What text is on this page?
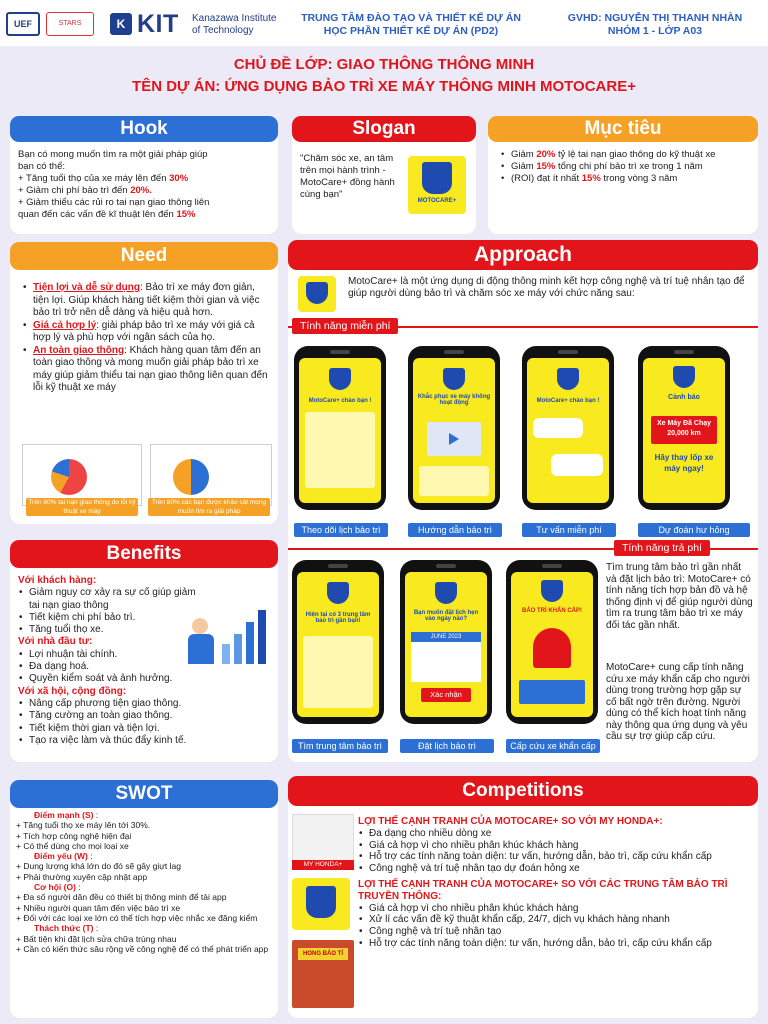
UEF	STARS	K KIT Kanazawa Institute
of Technology
TRUNG TÂM ĐÀO TẠO VÀ THIẾT KẾ DỰ ÁN
HỌC PHẦN THIẾT KẾ DỰ ÁN (PD2)
GVHD: NGUYỄN THỊ THANH NHÀN
NHÓM 1 - LỚP A03
CHỦ ĐỀ LỚP: GIAO THÔNG THÔNG MINH
TÊN DỰ ÁN: ỨNG DỤNG BẢO TRÌ XE MÁY THÔNG MINH MOTOCARE+
Hook
Bạn có mong muốn tìm ra một giải pháp giúp
bạn có thể:
+ Tăng tuổi thọ của xe máy lên đến 30%
+ Giảm chi phí bảo trì đến 20%.
+ Giảm thiểu các rủi ro tai nạn giao thông liên
quan đến các vấn đề kĩ thuật lên đến 15%
Slogan
"Chăm sóc xe, an tâm trên mọi hành trình - MotoCare+ đồng hành cùng bạn"
MOTOCARE+
Mục tiêu
• Giảm 20% tỷ lệ tai nạn giao thông do kỹ thuật xe
• Giảm 15% tổng chi phí bảo trì xe trong 1 năm
• (ROI) đạt ít nhất 15% trong vòng 3 năm
Need
• Tiện lợi và dễ sử dụng: Bảo trì xe máy đơn giản, tiện lợi. Giúp khách hàng tiết kiệm thời gian và việc bảo trì trở nên dễ dàng và hiệu quả hơn.
• Giá cả hợp lý: giải pháp bảo trì xe máy với giá cả hợp lý và phù hợp với ngân sách của họ.
• An toàn giao thông: Khách hàng quan tâm đến an toàn giao thông và mong muốn giải pháp bảo trì xe máy giúp giảm thiểu tai nạn giao thông liên quan đến lỗi kỹ thuật xe máy
Trên 80% tai nạn giao thông do lỗi kỹ thuật xe máy
Trên 80% các bạn được khảo sát mong muốn tìm ra giải pháp
Approach
MotoCare+ là một ứng dụng di động thông minh kết hợp công nghệ và trí tuệ nhân tạo để giúp người dùng bảo trì và chăm sóc xe máy với chức năng sau:
Tính năng miễn phí
MotoCare+ chào bạn !
Theo dõi lịch bảo trì
Khắc phục xe máy không hoạt động
Hướng dẫn bảo trì
MotoCare+ chào bạn !
Tư vấn miễn phí
Cảnh báo
Xe Máy Đã Chạy 20,000 km
Hãy thay lốp xe máy ngay!
Dự đoán hư hỏng
Tính năng trả phí
Hiện tại có 3 trung tâm bảo trì gần bạn!
Tìm trung tâm bảo trì
Bạn muốn đặt lịch hẹn vào ngày nào?
JUNE 2023
Xác nhận
Đặt lịch bảo trì
BẢO TRÌ KHẨN CẤP!
Cấp cứu xe khẩn cấp
Tìm trung tâm bảo trì gần nhất và đặt lịch bảo trì: MotoCare+ có tính năng tích hợp bản đồ và hệ thống định vị để giúp người dùng tìm ra trung tâm bảo trì xe máy đối tác gần nhất.
MotoCare+ cung cấp tính năng cứu xe máy khẩn cấp cho người dùng trong trường hợp gặp sự cố bất ngờ trên đường. Người dùng có thể kích hoạt tính năng này thông qua ứng dụng và yêu cầu sự trợ giúp cấp cứu.
Benefits
Với khách hàng:
• Giảm nguy cơ xảy ra sự cố giúp giảm tai nạn giao thông
• Tiết kiệm chi phí bảo trì.
• Tăng tuổi thọ xe.
Với nhà đầu tư:
• Lợi nhuận tài chính.
• Đa dạng hoá.
• Quyền kiểm soát và ảnh hưởng.
Với xã hội, cộng đồng:
• Nâng cấp phương tiện giao thông.
• Tăng cường an toàn giao thông.
• Tiết kiệm thời gian và tiện lợi.
• Tạo ra việc làm và thúc đẩy kinh tế.
SWOT
Điểm mạnh (S) :
+ Tăng tuổi thọ xe máy lên tới 30%.
+ Tích hợp công nghệ hiện đại
+ Có thể dùng cho mọi loại xe
Điểm yếu (W) :
+ Dung lượng khá lớn do đó sẽ gây giựt lag
+ Phải thường xuyên cập nhật app
Cơ hội (O) :
+ Đa số người dân đều có thiết bị thông minh để tải app
+ Nhiều người quan tâm đến việc bảo trì xe
+ Đối với các loại xe lớn có thể tích hợp việc nhắc xe đăng kiểm
Thách thức (T) :
+ Bất tiện khi đặt lịch sửa chữa trùng nhau
+ Cần có kiến thức sâu rộng về công nghệ để có thể phát triển app
Competitions
MY HONDA+
HONG BẢO TÍ
LỢI THẾ CẠNH TRANH CỦA MOTOCARE+ SO VỚI MY HONDA+:
• Đa dạng cho nhiều dòng xe
• Giá cả hợp vì cho nhiều phân khúc khách hàng
• Hỗ trợ các tính năng toàn diện: tư vấn, hướng dẫn, bảo trì, cấp cứu khẩn cấp
• Công nghệ và trí tuệ nhân tạo dự đoán hỏng xe
LỢI THẾ CẠNH TRANH CỦA MOTOCARE+ SO VỚI CÁC TRUNG TÂM BẢO TRÌ TRUYỀN THỐNG:
• Giá cả hợp vì cho nhiều phân khúc khách hàng
• Xử lí các vấn đề kỹ thuật khẩn cấp, 24/7, dịch vụ khách hàng nhanh
• Công nghệ và trí tuệ nhân tạo
• Hỗ trợ các tính năng toàn diện: tư vấn, hướng dẫn, bảo trì, cấp cứu khẩn cấp
